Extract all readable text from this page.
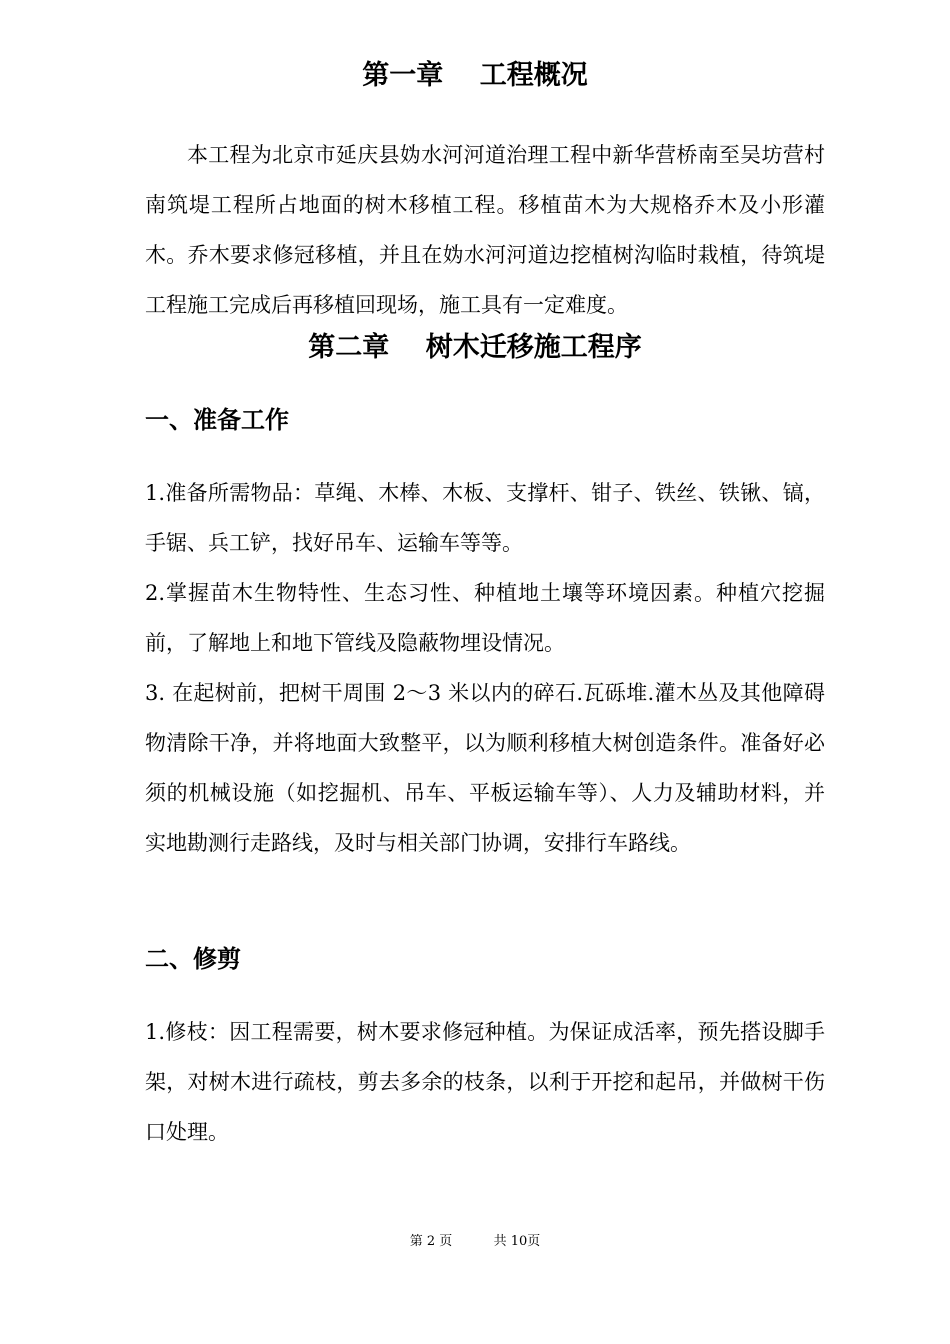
第一章　 工程概况

本工程为北京市延庆县妫水河河道治理工程中新华营桥南至吴坊营村南筑堤工程所占地面的树木移植工程。移植苗木为大规格乔木及小形灌木。乔木要求修冠移植，并且在妫水河河道边挖植树沟临时栽植，待筑堤工程施工完成后再移植回现场，施工具有一定难度。

第二章　 树木迁移施工程序
一、准备工作

1.准备所需物品：草绳、木棒、木板、支撑杆、钳子、铁丝、铁锹、镐，手锯、兵工铲，找好吊车、运输车等等。

2.掌握苗木生物特性、生态习性、种植地土壤等环境因素。种植穴挖掘前，了解地上和地下管线及隐蔽物埋设情况。

3. 在起树前，把树干周围 2～3 米以内的碎石.瓦砾堆.灌木丛及其他障碍物清除干净，并将地面大致整平，以为顺利移植大树创造条件。准备好必须的机械设施（如挖掘机、吊车、平板运输车等）、人力及辅助材料，并实地勘测行走路线，及时与相关部门协调，安排行车路线。

二、修剪

1.修枝：因工程需要，树木要求修冠种植。为保证成活率，预先搭设脚手架，对树木进行疏枝，剪去多余的枝条，以利于开挖和起吊，并做树干伤口处理。

第 2 页	共 10页
